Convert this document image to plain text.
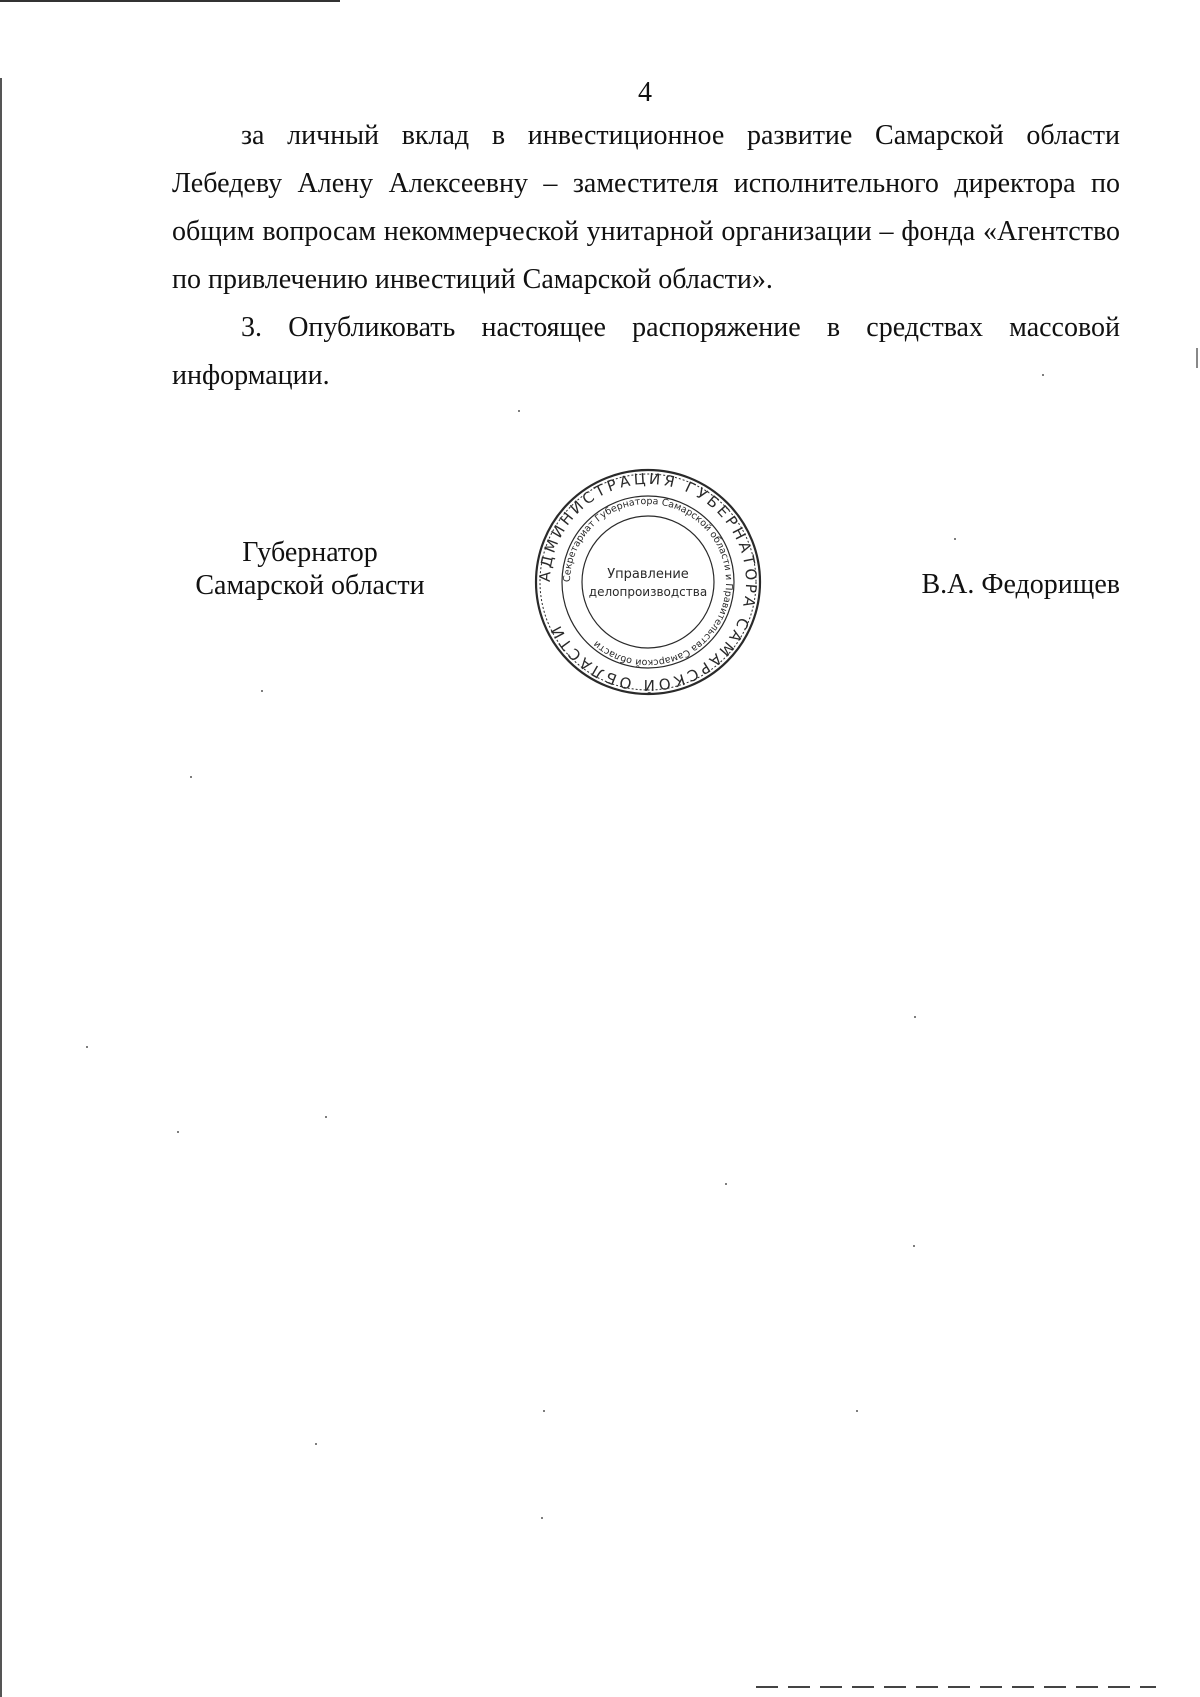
4

за личный вклад в инвестиционное развитие Самарской области Лебедеву Алену Алексеевну – заместителя исполнительного директора по общим вопросам некоммерческой унитарной организации – фонда «Агентство по привлечению инвестиций Самарской области».

3. Опубликовать настоящее распоряжение в средствах массовой информации.

Губернатор
Самарской области	В.А. Федорищев
АДМИНИСТРАЦИЯ ГУБЕРНАТОРА САМАРСКОЙ ОБЛАСТИ
Секретариат Губернатора Самарской области и Правительства Самарской области
Управление
делопроизводства
